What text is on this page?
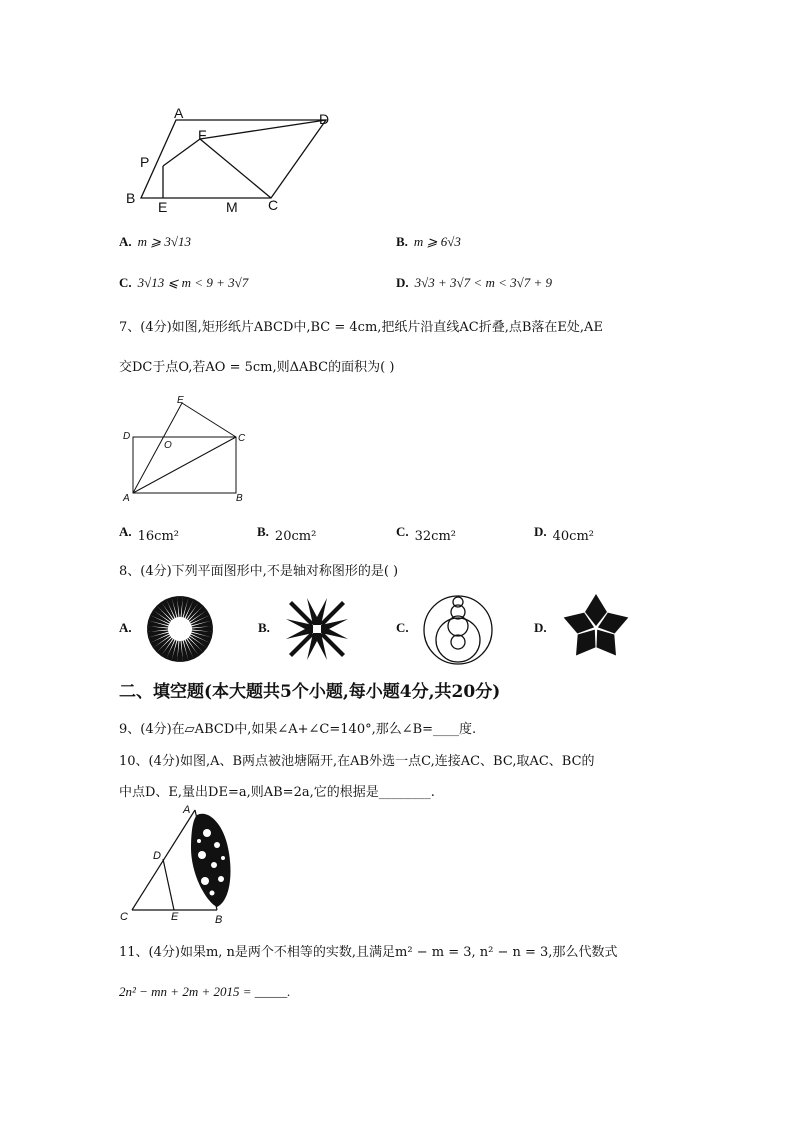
A	D
F
P
B
E	M C
A. m ⩾ 3√13	B. m ⩾ 6√3
C. 3√13 ⩽ m < 9 + 3√7	D. 3√3 + 3√7 < m < 3√7 + 9
7、(4分)如图,矩形纸片ABCD中,BC = 4cm,把纸片沿直线AC折叠,点B落在E处,AE
交DC于点O,若AO = 5cm,则ΔABC的面积为( )
E
D
O
C
A	B
A. 16cm²	B. 20cm²	C. 32cm²	D. 40cm²
8、(4分)下列平面图形中,不是轴对称图形的是( )
A.	B.	C.	D.
二、填空题(本大题共5个小题,每小题4分,共20分)
9、(4分)在▱ABCD中,如果∠A+∠C=140°,那么∠B=____度.
10、(4分)如图,A、B两点被池塘隔开,在AB外选一点C,连接AC、BC,取AC、BC的
中点D、E,量出DE=a,则AB=2a,它的根据是________.
A
D
C	E	B
11、(4分)如果m, n是两个不相等的实数,且满足m² − m = 3, n² − n = 3,那么代数式
2n² − mn + 2m + 2015 = _____.
